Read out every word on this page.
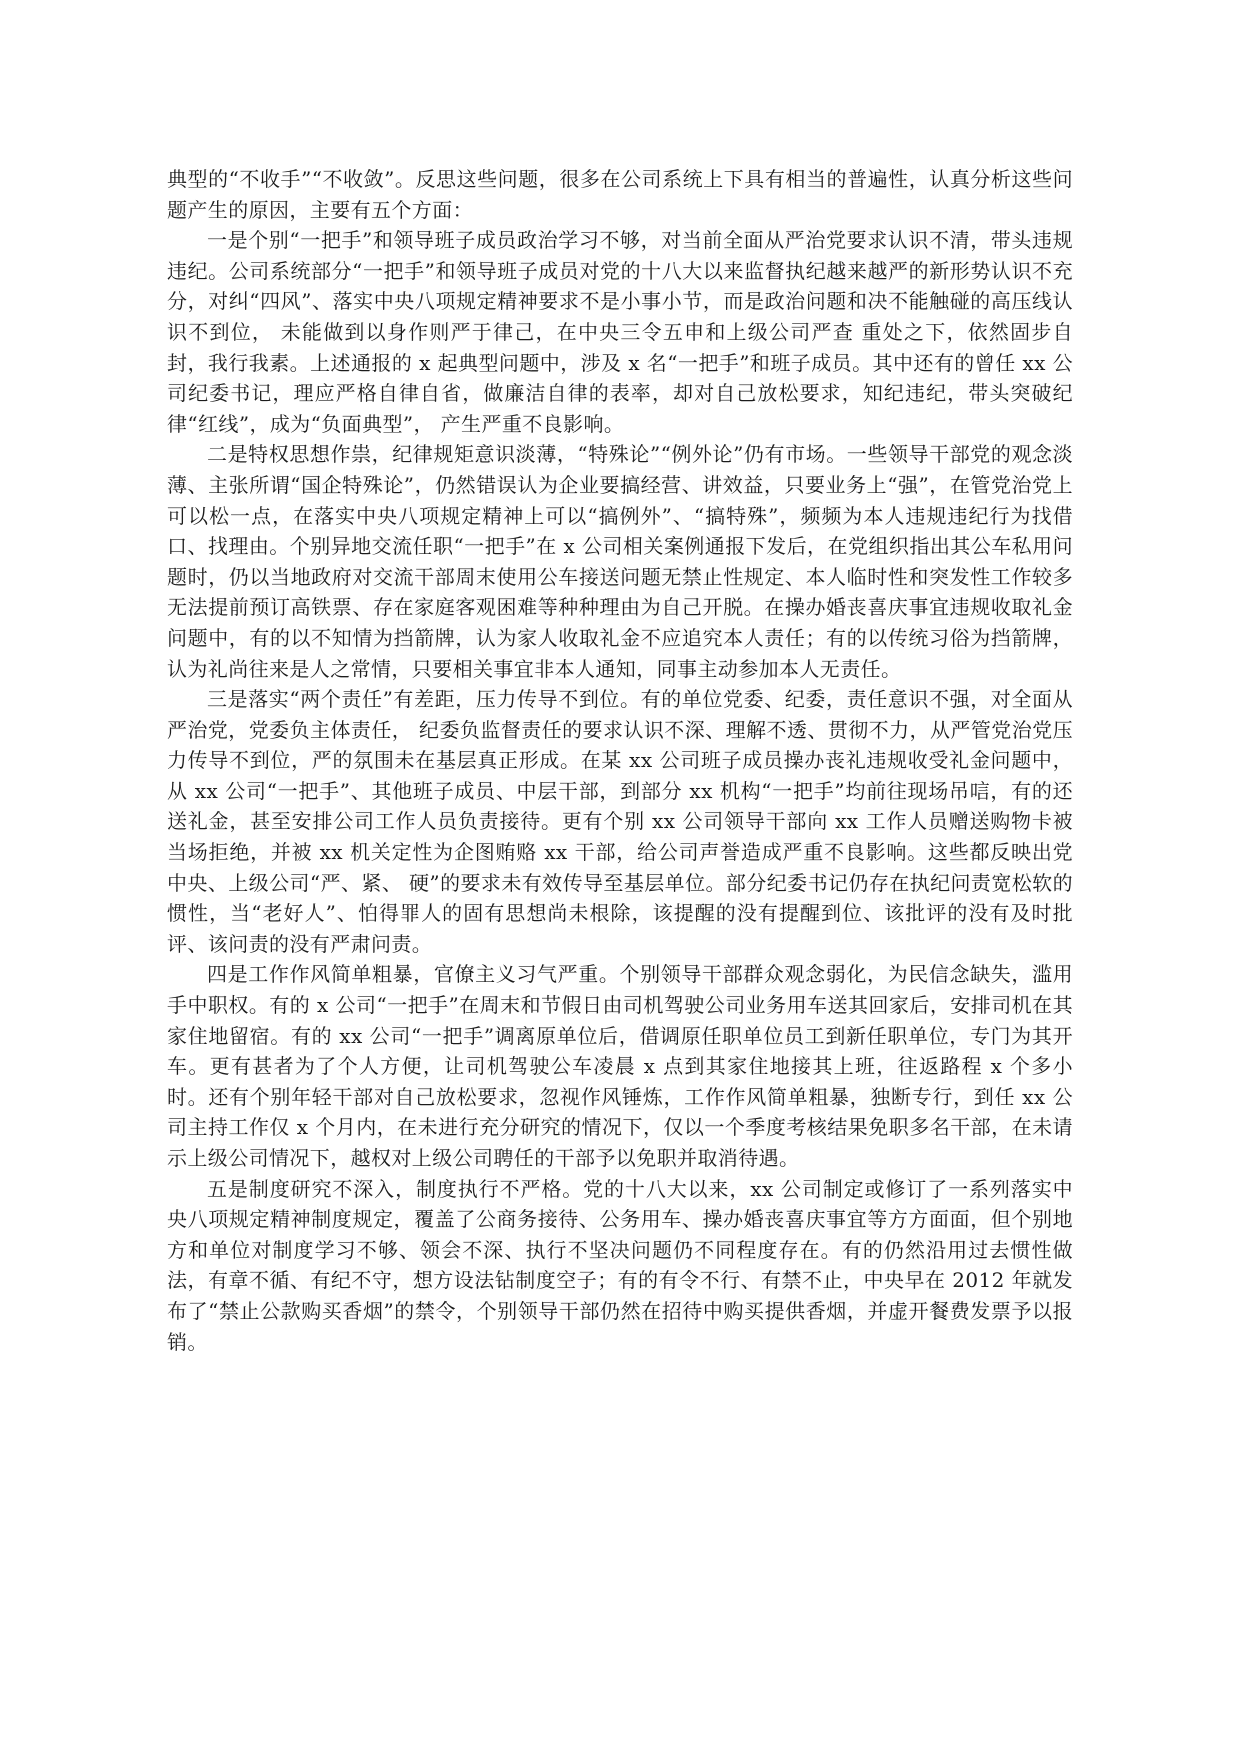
典型的“不收手”“不收敛”。反思这些问题，很多在公司系统上下具有相当的普遍性，认真分析这些问题产生的原因，主要有五个方面：

一是个别“一把手”和领导班子成员政治学习不够，对当前全面从严治党要求认识不清，带头违规违纪。公司系统部分“一把手”和领导班子成员对党的十八大以来监督执纪越来越严的新形势认识不充分，对纠“四风”、落实中央八项规定精神要求不是小事小节，而是政治问题和决不能触碰的高压线认识不到位， 未能做到以身作则严于律己，在中央三令五申和上级公司严查 重处之下，依然固步自封，我行我素。上述通报的 x 起典型问题中，涉及 x 名“一把手”和班子成员。其中还有的曾任 xx 公司纪委书记，理应严格自律自省，做廉洁自律的表率，却对自己放松要求，知纪违纪，带头突破纪律“红线”，成为“负面典型”， 产生严重不良影响。

二是特权思想作祟，纪律规矩意识淡薄，“特殊论”“例外论”仍有市场。一些领导干部党的观念淡薄、主张所谓“国企特殊论”，仍然错误认为企业要搞经营、讲效益，只要业务上“强”，在管党治党上可以松一点，在落实中央八项规定精神上可以“搞例外”、“搞特殊”，频频为本人违规违纪行为找借口、找理由。个别异地交流任职“一把手”在 x 公司相关案例通报下发后，在党组织指出其公车私用问题时，仍以当地政府对交流干部周末使用公车接送问题无禁止性规定、本人临时性和突发性工作较多无法提前预订高铁票、存在家庭客观困难等种种理由为自己开脱。在操办婚丧喜庆事宜违规收取礼金问题中，有的以不知情为挡箭牌，认为家人收取礼金不应追究本人责任；有的以传统习俗为挡箭牌，认为礼尚往来是人之常情，只要相关事宜非本人通知，同事主动参加本人无责任。

三是落实“两个责任”有差距，压力传导不到位。有的单位党委、纪委，责任意识不强，对全面从严治党，党委负主体责任， 纪委负监督责任的要求认识不深、理解不透、贯彻不力，从严管党治党压力传导不到位，严的氛围未在基层真正形成。在某 xx 公司班子成员操办丧礼违规收受礼金问题中，从 xx 公司“一把手”、其他班子成员、中层干部，到部分 xx 机构“一把手”均前往现场吊唁，有的还送礼金，甚至安排公司工作人员负责接待。更有个别 xx 公司领导干部向 xx 工作人员赠送购物卡被当场拒绝，并被 xx 机关定性为企图贿赂 xx 干部，给公司声誉造成严重不良影响。这些都反映出党中央、上级公司“严、紧、 硬”的要求未有效传导至基层单位。部分纪委书记仍存在执纪问责宽松软的惯性，当“老好人”、怕得罪人的固有思想尚未根除，该提醒的没有提醒到位、该批评的没有及时批评、该问责的没有严肃问责。

四是工作作风简单粗暴，官僚主义习气严重。个别领导干部群众观念弱化，为民信念缺失，滥用手中职权。有的 x 公司“一把手”在周末和节假日由司机驾驶公司业务用车送其回家后，安排司机在其家住地留宿。有的 xx 公司“一把手”调离原单位后，借调原任职单位员工到新任职单位，专门为其开车。更有甚者为了个人方便，让司机驾驶公车凌晨 x 点到其家住地接其上班，往返路程 x 个多小时。还有个别年轻干部对自己放松要求，忽视作风锤炼，工作作风简单粗暴，独断专行，到任 xx 公司主持工作仅 x 个月内，在未进行充分研究的情况下，仅以一个季度考核结果免职多名干部，在未请示上级公司情况下，越权对上级公司聘任的干部予以免职并取消待遇。

五是制度研究不深入，制度执行不严格。党的十八大以来，xx 公司制定或修订了一系列落实中央八项规定精神制度规定，覆盖了公商务接待、公务用车、操办婚丧喜庆事宜等方方面面，但个别地方和单位对制度学习不够、领会不深、执行不坚决问题仍不同程度存在。有的仍然沿用过去惯性做法，有章不循、有纪不守，想方设法钻制度空子；有的有令不行、有禁不止，中央早在 2012 年就发布了“禁止公款购买香烟”的禁令，个别领导干部仍然在招待中购买提供香烟，并虚开餐费发票予以报销。
